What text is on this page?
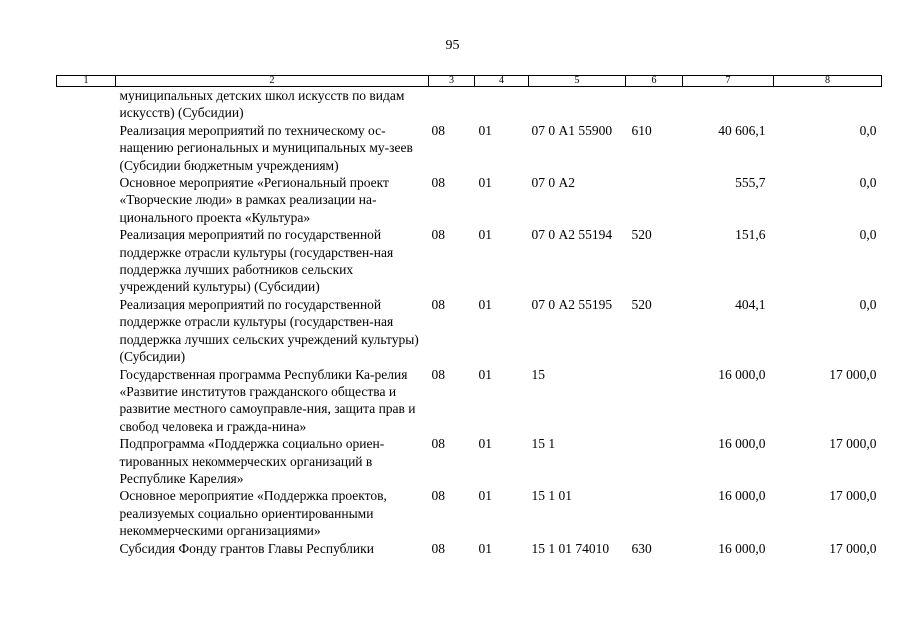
95
1	2	3	4	5	6	7	8
	муниципальных детских школ искусств по видам искусств) (Субсидии)						
	Реализация мероприятий по техническому ос-нащению региональных и муниципальных му-зеев (Субсидии бюджетным учреждениям)	08	01	07 0 А1 55900	610	40 606,1	0,0
	Основное мероприятие «Региональный проект «Творческие люди» в рамках реализации на-ционального проекта «Культура»	08	01	07 0 А2		555,7	0,0
	Реализация мероприятий по государственной поддержке отрасли культуры (государствен-ная поддержка лучших работников сельских учреждений культуры) (Субсидии)	08	01	07 0 А2 55194	520	151,6	0,0
	Реализация мероприятий по государственной поддержке отрасли культуры (государствен-ная поддержка лучших сельских учреждений культуры) (Субсидии)	08	01	07 0 А2 55195	520	404,1	0,0
	Государственная программа Республики Ка-релия «Развитие институтов гражданского общества и развитие местного самоуправле-ния, защита прав и свобод человека и гражда-нина»	08	01	15		16 000,0	17 000,0
	Подпрограмма «Поддержка социально ориен-тированных некоммерческих организаций в Республике Карелия»	08	01	15 1		16 000,0	17 000,0
	Основное мероприятие «Поддержка проектов, реализуемых социально ориентированными некоммерческими организациями»	08	01	15 1 01		16 000,0	17 000,0
	Субсидия Фонду грантов Главы Республики	08	01	15 1 01 74010	630	16 000,0	17 000,0
